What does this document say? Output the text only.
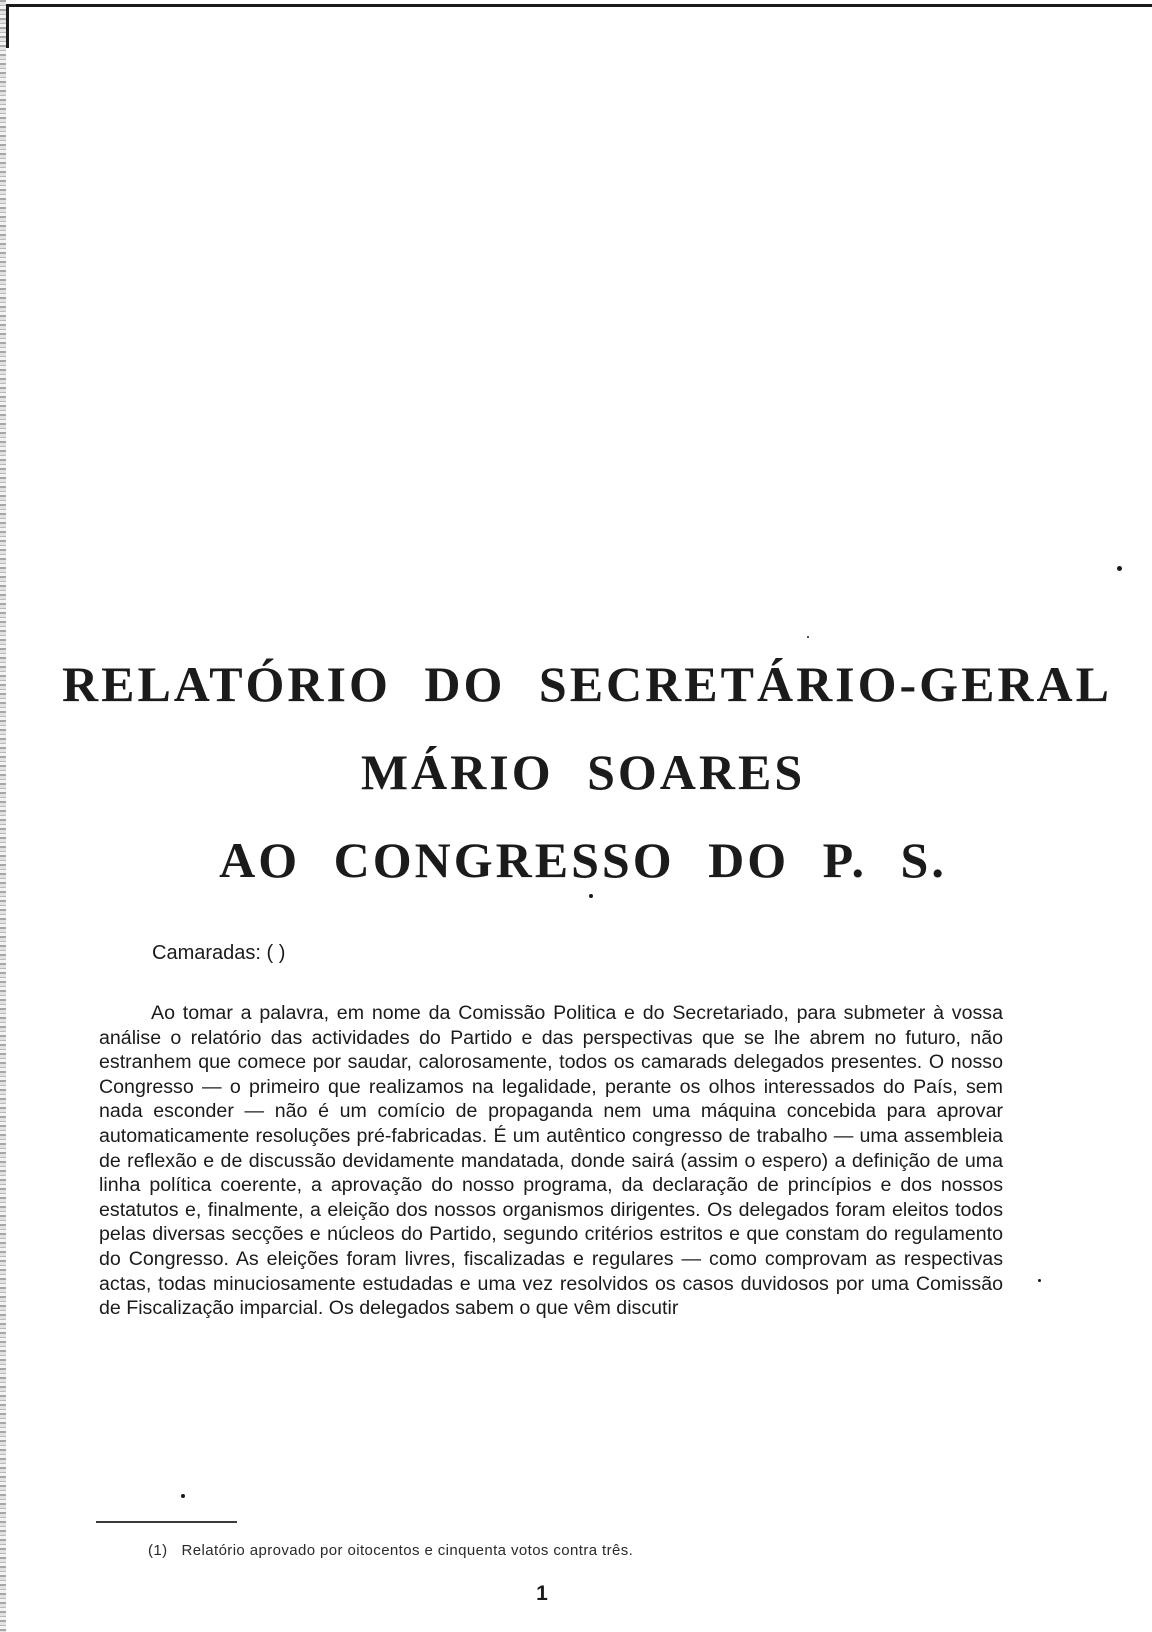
RELATÓRIO DO SECRETÁRIO-GERAL
MÁRIO SOARES
AO CONGRESSO DO P. S.
Camaradas: ( )

Ao tomar a palavra, em nome da Comissão Politica e do Secretariado, para submeter à vossa análise o relatório das actividades do Partido e das perspectivas que se lhe abrem no futuro, não estranhem que comece por saudar, calorosamente, todos os camarads delegados presentes. O nosso Congresso — o primeiro que realizamos na legalidade, perante os olhos interessados do País, sem nada esconder — não é um comício de propaganda nem uma máquina concebida para aprovar automaticamente resoluções pré-fabricadas. É um autêntico congresso de trabalho — uma assembleia de reflexão e de discussão devidamente mandatada, donde sairá (assim o espero) a definição de uma linha política coerente, a aprovação do nosso programa, da declaração de princípios e dos nossos estatutos e, finalmente, a eleição dos nossos organismos dirigentes. Os delegados foram eleitos todos pelas diversas secções e núcleos do Partido, segundo critérios estritos e que constam do regulamento do Congresso. As eleições foram livres, fiscalizadas e regulares — como comprovam as respectivas actas, todas minuciosamente estudadas e uma vez resolvidos os casos duvidosos por uma Comissão de Fiscalização imparcial. Os delegados sabem o que vêm discutir

(1) Relatório aprovado por oitocentos e cinquenta votos contra três.
1
